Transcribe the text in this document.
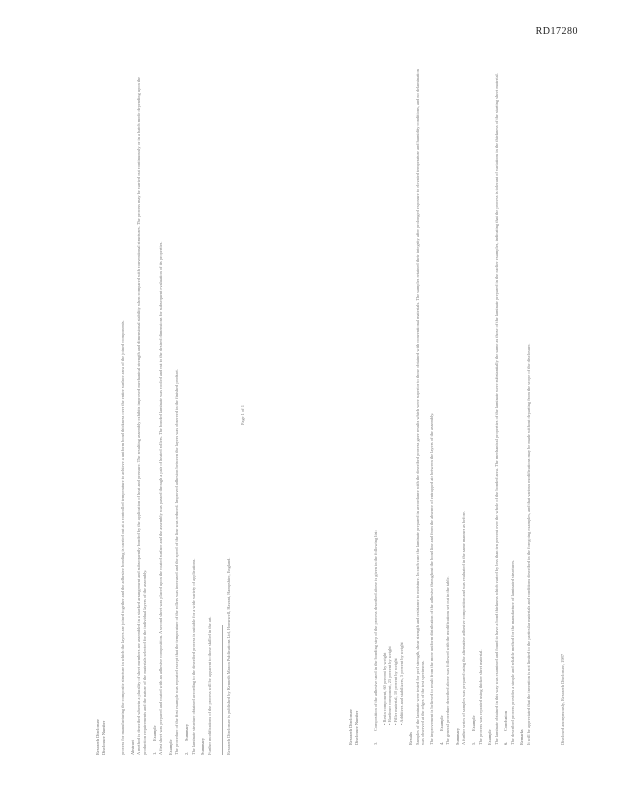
RD17280

Research Disclosure
Disclosure Number	process for manufacturing the composite structure in which the layers are joined together and the adhesive bonding is carried out at a controlled temperature to achieve a uniform bond thickness over the entire surface area of the joined components. Abstract A method is described wherein a plurality of sheet members are assembled in a stacked arrangement and subsequently bonded by the application of heat and pressure. The resulting assembly exhibits improved mechanical strength and dimensional stability when compared with conventional structures. The process may be carried out continuously or in a batch mode depending upon the production requirements and the nature of the materials selected for the individual layers of the assembly. 1.Example A first sheet was prepared and coated with an adhesive composition. A second sheet was placed upon the coated surface and the assembly was passed through a pair of heated rollers. The bonded laminate was cooled and cut to the desired dimensions for subsequent evaluation of its properties. Example The procedure of the first example was repeated except that the temperature of the rollers was increased and the speed of the line was reduced. Improved adhesion between the layers was observed in the finished product. 2.Summary The laminate structure obtained according to the described process is suitable for a wide variety of applications. Summary Further modifications of the process will be apparent to those skilled in the art.	Research Disclosure is published by Kenneth Mason Publications Ltd, Homewell, Havant, Hampshire, England.

Page 1 of 1

Research Disclosure
Disclosure Number	3.Composition of the adhesive used in the bonding step of the process described above is given in the following list: • Resin component, 60 percent by weight • Hardener component, 25 percent by weight • Filler material, 10 percent by weight • Additives and stabilizers, 5 percent by weight
Results Samples of the laminate were tested for peel strength, shear strength and resistance to moisture. In each case the laminate prepared in accordance with the described process gave results which were superior to those obtained with conventional materials. The samples retained their integrity after prolonged exposure to elevated temperature and humidity conditions, and no delamination was observed at the edges of the test specimens. The improvement is believed to result from the more uniform distribution of the adhesive throughout the bond line and from the absence of entrapped air between the layers of the assembly. 4.Example The general procedure described above was followed with the modifications set out in the table. Summary A further series of samples was prepared using the alternative adhesive composition and was evaluated in the same manner as before. 5.Example The process was repeated using thicker sheet material. Example The laminate obtained in this way was examined and found to have a bond thickness which varied by less than ten percent over the whole of the bonded area. The mechanical properties of the laminate were substantially the same as those of the laminate prepared in the earlier examples, indicating that the process is tolerant of variations in the thickness of the starting sheet material. 6.Conclusion The described process provides a simple and reliable method for the manufacture of laminated structures. Remarks It will be appreciated that the invention is not limited to the particular materials and conditions described in the foregoing examples, and that various modifications may be made without departing from the scope of the disclosure.	Disclosed anonymously, Research Disclosure, 1987
